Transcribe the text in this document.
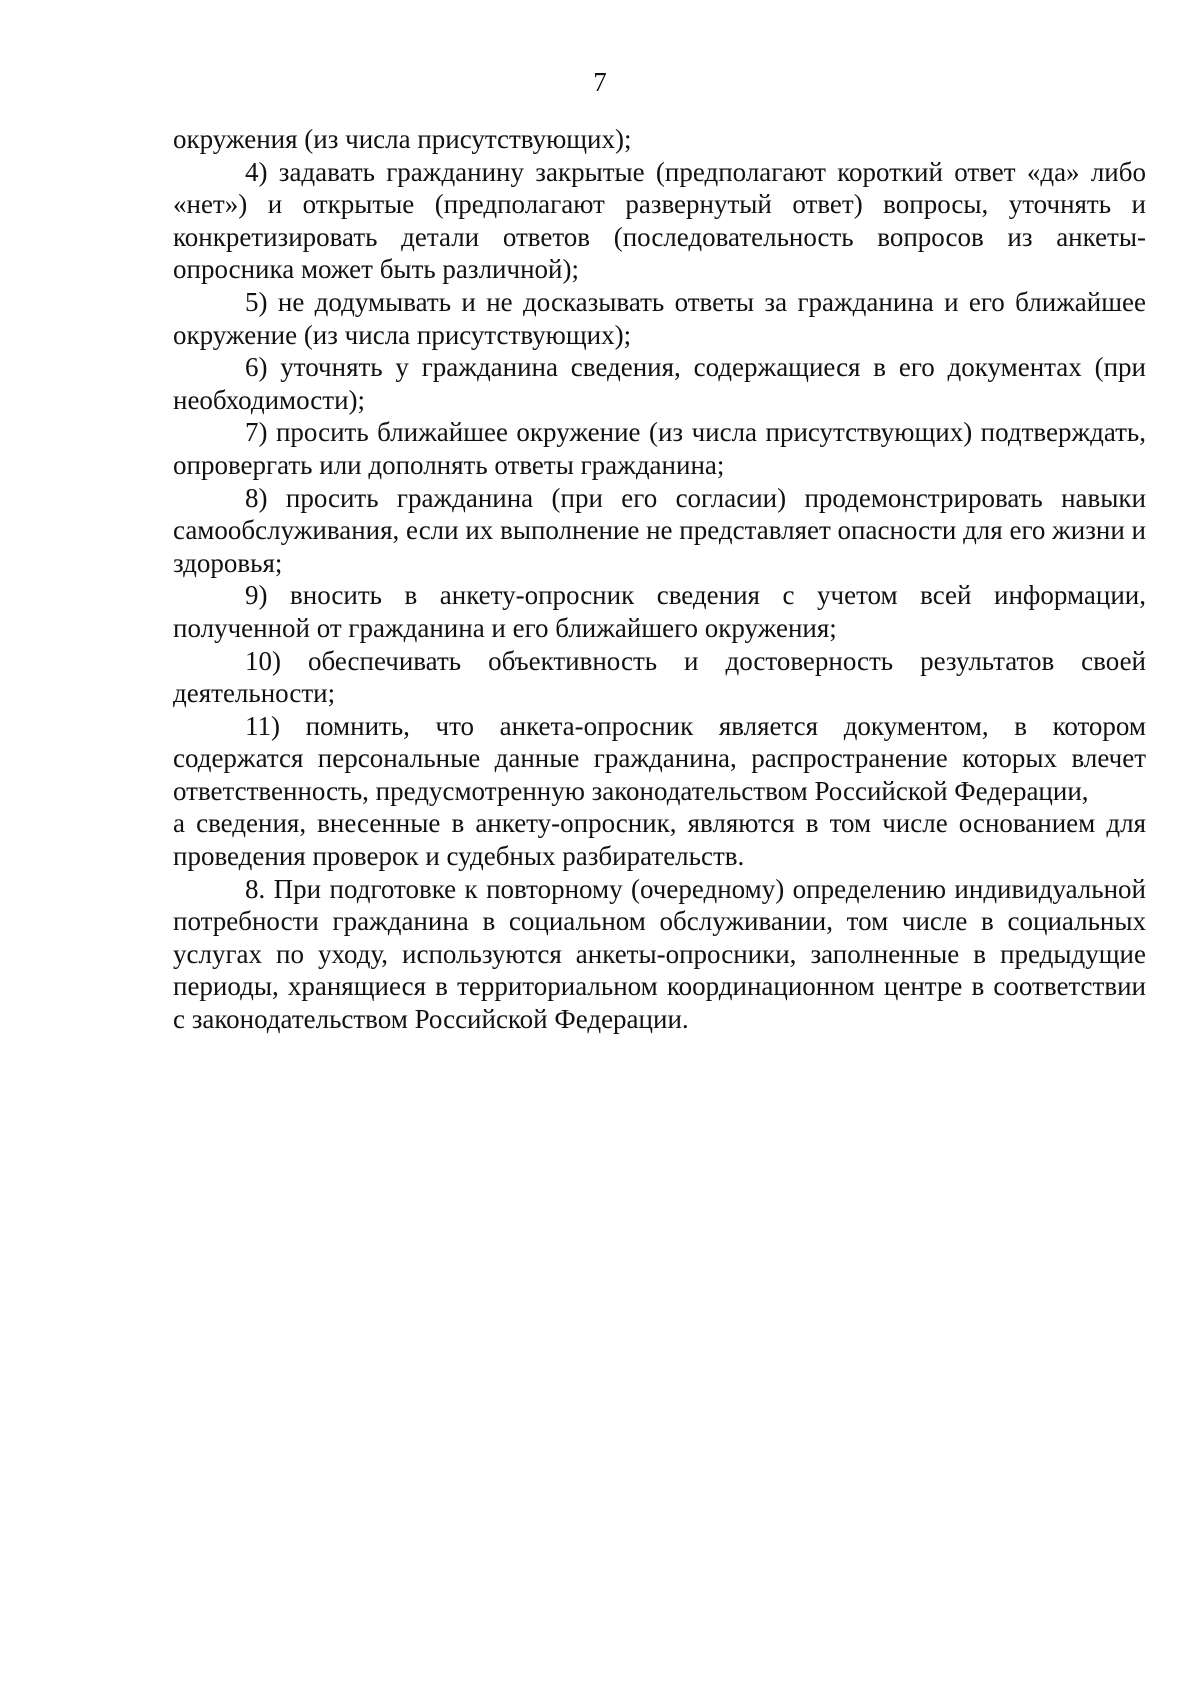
7

окружения (из числа присутствующих);

4) задавать гражданину закрытые (предполагают короткий ответ «да» либо «нет») и открытые (предполагают развернутый ответ) вопросы, уточнять и конкретизировать детали ответов (последовательность вопросов из анкеты-опросника может быть различной);

5) не додумывать и не досказывать ответы за гражданина и его ближайшее окружение (из числа присутствующих);

6) уточнять у гражданина сведения, содержащиеся в его документах (при необходимости);

7) просить ближайшее окружение (из числа присутствующих) подтверждать, опровергать или дополнять ответы гражданина;

8) просить гражданина (при его согласии) продемонстрировать навыки самообслуживания, если их выполнение не представляет опасности для его жизни и здоровья;

9) вносить в анкету-опросник сведения с учетом всей информации, полученной от гражданина и его ближайшего окружения;

10) обеспечивать объективность и достоверность результатов своей деятельности;

11) помнить, что анкета-опросник является документом, в котором содержатся персональные данные гражданина, распространение которых влечет ответственность, предусмотренную законодательством Российской Федерации,

а сведения, внесенные в анкету-опросник, являются в том числе основанием для проведения проверок и судебных разбирательств.

8. При подготовке к повторному (очередному) определению индивидуальной потребности гражданина в социальном обслуживании, том числе в социальных услугах по уходу, используются анкеты-опросники, заполненные в предыдущие периоды, хранящиеся в территориальном координационном центре в соответствии с законодательством Российской Федерации.
